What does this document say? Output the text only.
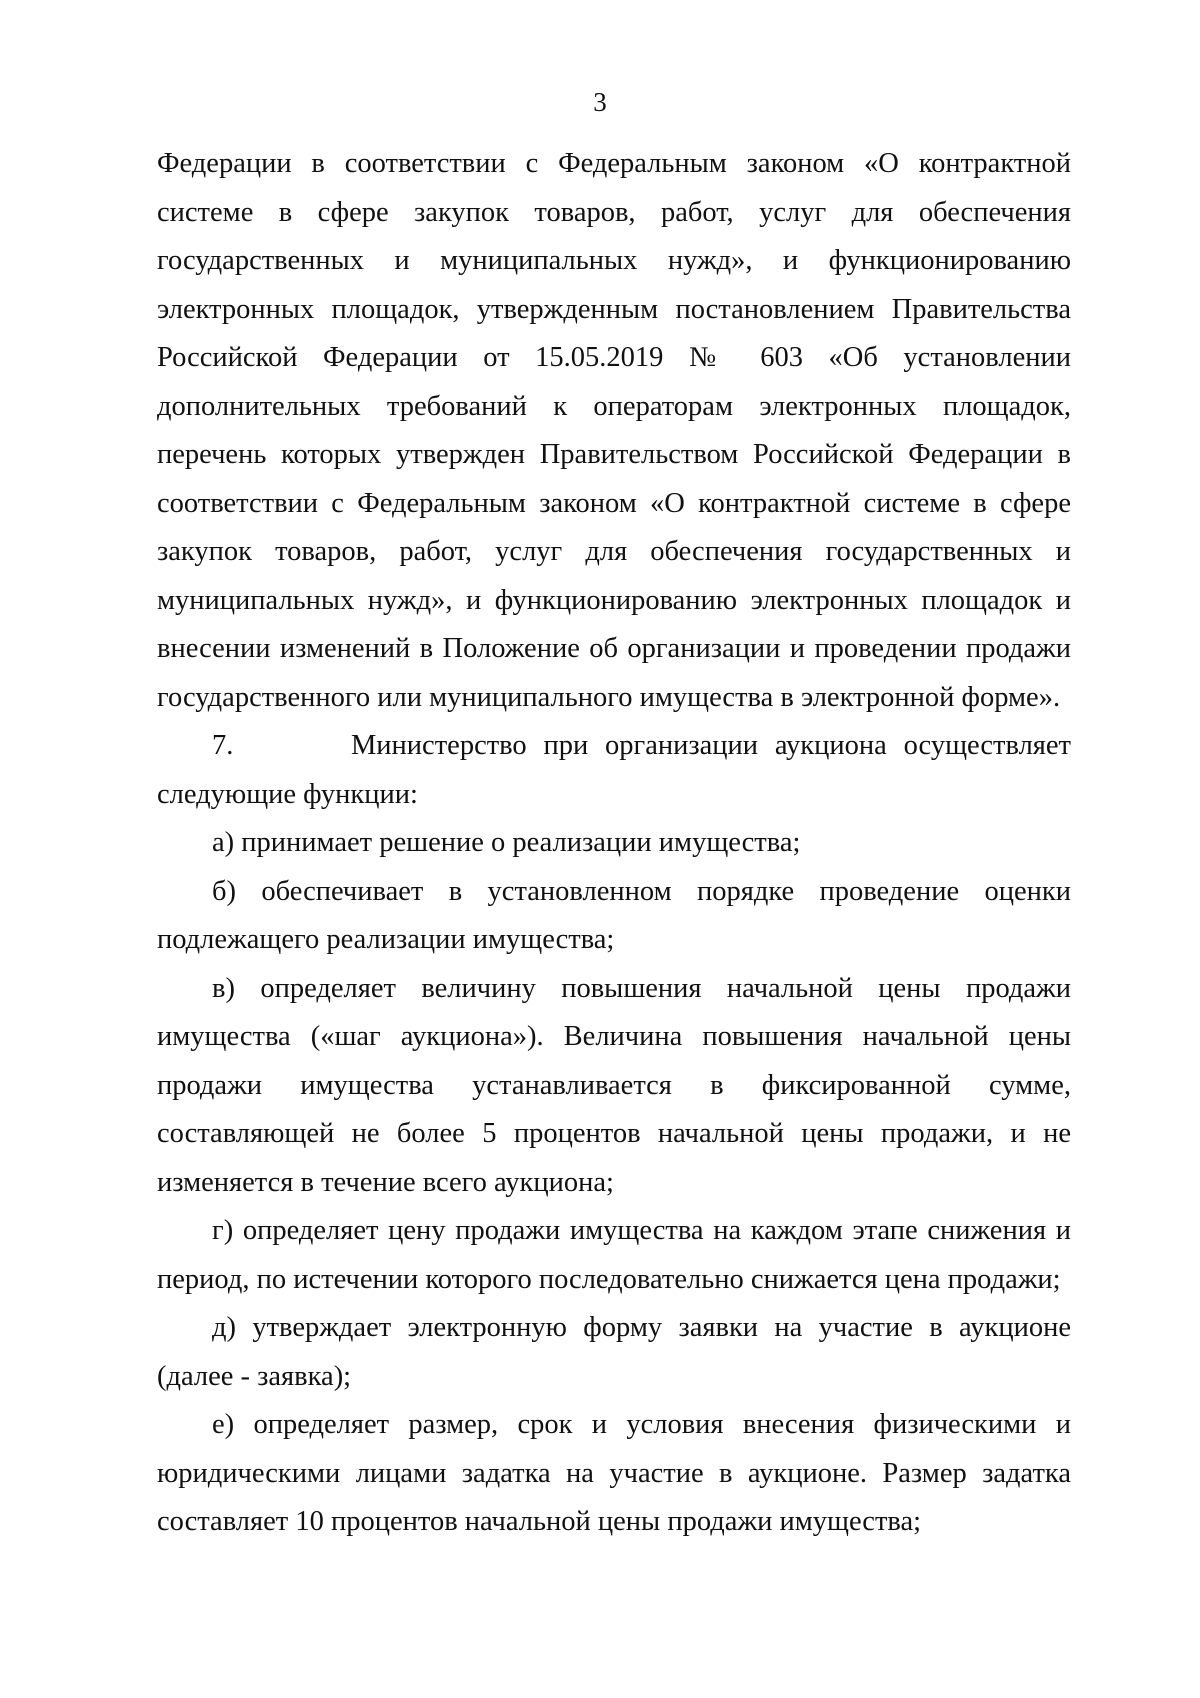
3

Федерации в соответствии с Федеральным законом «О контрактной системе в сфере закупок товаров, работ, услуг для обеспечения государственных и муниципальных нужд», и функционированию электронных площадок, утвержденным постановлением Правительства Российской Федерации от 15.05.2019 № 603 «Об установлении дополнительных требований к операторам электронных площадок, перечень которых утвержден Правительством Российской Федерации в соответствии с Федеральным законом «О контрактной системе в сфере закупок товаров, работ, услуг для обеспечения государственных и муниципальных нужд», и функционированию электронных площадок и внесении изменений в Положение об организации и проведении продажи государственного или муниципального имущества в электронной форме».

7.       Министерство при организации аукциона осуществляет следующие функции:

а) принимает решение о реализации имущества;

б) обеспечивает в установленном порядке проведение оценки подлежащего реализации имущества;

в) определяет величину повышения начальной цены продажи имущества («шаг аукциона»). Величина повышения начальной цены продажи имущества устанавливается в фиксированной сумме, составляющей не более 5 процентов начальной цены продажи, и не изменяется в течение всего аукциона;

г) определяет цену продажи имущества на каждом этапе снижения и период, по истечении которого последовательно снижается цена продажи;

д) утверждает электронную форму заявки на участие в аукционе (далее - заявка);

е) определяет размер, срок и условия внесения физическими и юридическими лицами задатка на участие в аукционе. Размер задатка составляет 10 процентов начальной цены продажи имущества;
